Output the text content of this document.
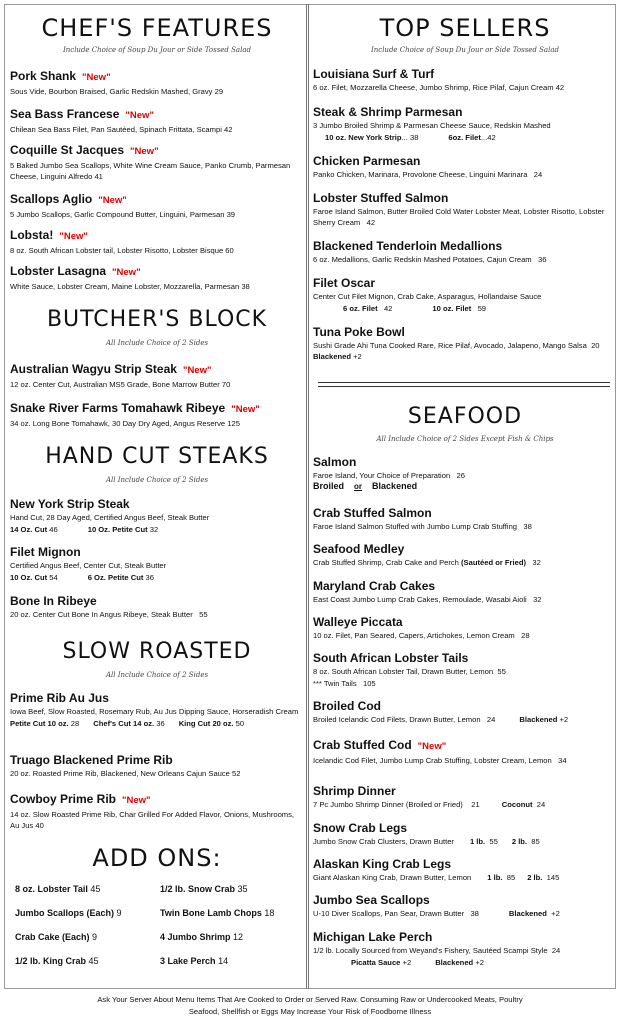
CHEF'S FEATURES
Include Choice of Soup Du Jour or Side Tossed Salad
Pork Shank "New"
Sous Vide, Bourbon Braised, Garlic Redskin Mashed, Gravy 29
Sea Bass Francese "New"
Chilean Sea Bass Filet, Pan Sautéed, Spinach Frittata, Scampi 42
Coquille St Jacques "New"
5 Baked Jumbo Sea Scallops, White Wine Cream Sauce, Panko Crumb, Parmesan Cheese, Linguini Alfredo 41
Scallops Aglio "New"
5 Jumbo Scallops, Garlic Compound Butter, Linguini, Parmesan 39
Lobsta! "New"
8 oz. South African Lobster tail, Lobster Risotto, Lobster Bisque 60
Lobster Lasagna "New"
White Sauce, Lobster Cream, Maine Lobster, Mozzarella, Parmesan 38
BUTCHER'S BLOCK
All Include Choice of 2 Sides
Australian Wagyu Strip Steak "New"
12 oz. Center Cut, Australian MS5 Grade, Bone Marrow Butter 70
Snake River Farms Tomahawk Ribeye "New"
34 oz. Long Bone Tomahawk, 30 Day Dry Aged, Angus Reserve 125
HAND CUT STEAKS
All Include Choice of 2 Sides
New York Strip Steak
Hand Cut, 28 Day Aged, Certified Angus Beef, Steak Butter
14 Oz. Cut 46	10 Oz. Petite Cut 32
Filet Mignon
Certified Angus Beef, Center Cut, Steak Butter
10 Oz. Cut 54	6 Oz. Petite Cut 36
Bone In Ribeye
20 oz. Center Cut Bone In Angus Ribeye, Steak Butter 55
SLOW ROASTED
All Include Choice of 2 Sides
Prime Rib Au Jus
Iowa Beef, Slow Roasted, Rosemary Rub, Au Jus Dipping Sauce, Horseradish Cream
Petite Cut 10 oz. 28 Chef's Cut 14 oz. 36 King Cut 20 oz. 50
Truago Blackened Prime Rib
20 oz. Roasted Prime Rib, Blackened, New Orleans Cajun Sauce 52
Cowboy Prime Rib "New"
14 oz. Slow Roasted Prime Rib, Char Grilled For Added Flavor, Onions, Mushrooms, Au Jus 40
ADD ONS:
8 oz. Lobster Tail 45	1/2 lb. Snow Crab 35
Jumbo Scallops (Each) 9	Twin Bone Lamb Chops 18
Crab Cake (Each) 9	4 Jumbo Shrimp 12
1/2 lb. King Crab 45	3 Lake Perch 14
TOP SELLERS
Include Choice of Soup Du Jour or Side Tossed Salad
Louisiana Surf & Turf
6 oz. Filet, Mozzarella Cheese, Jumbo Shrimp, Rice Pilaf, Cajun Cream 42
Steak & Shrimp Parmesan
3 Jumbo Broiled Shrimp & Parmesan Cheese Sauce, Redskin Mashed
10 oz. New York Strip... 38	6oz. Filet...42
Chicken Parmesan
Panko Chicken, Marinara, Provolone Cheese, Linguini Marinara 24
Lobster Stuffed Salmon
Faroe Island Salmon, Butter Broiled Cold Water Lobster Meat, Lobster Risotto, Lobster Sherry Cream 42
Blackened Tenderloin Medallions
6 oz. Medallions, Garlic Redskin Mashed Potatoes, Cajun Cream 36
Filet Oscar
Center Cut Filet Mignon, Crab Cake, Asparagus, Hollandaise Sauce
6 oz. Filet 42	10 oz. Filet 59
Tuna Poke Bowl
Sushi Grade Ahi Tuna Cooked Rare, Rice Pilaf, Avocado, Jalapeno, Mango Salsa 20Blackened +2
SEAFOOD
All Include Choice of 2 Sides Except Fish & Chips
Salmon
Faroe Island, Your Choice of Preparation 26
Broiled or Blackened
Crab Stuffed Salmon
Faroe Island Salmon Stuffed with Jumbo Lump Crab Stuffing 38
Seafood Medley
Crab Stuffed Shrimp, Crab Cake and Perch (Sautéed or Fried) 32
Maryland Crab Cakes
East Coast Jumbo Lump Crab Cakes, Remoulade, Wasabi Aioli 32
Walleye Piccata
10 oz. Filet, Pan Seared, Capers, Artichokes, Lemon Cream 28
South African Lobster Tails
8 oz. South African Lobster Tail, Drawn Butter, Lemon 55
*** Twin Tails 105
Broiled Cod
Broiled Icelandic Cod Filets, Drawn Butter, Lemon 24	Blackened +2
Crab Stuffed Cod "New"
Icelandic Cod Filet, Jumbo Lump Crab Stuffing, Lobster Cream, Lemon 34
Shrimp Dinner
7 Pc Jumbo Shrimp Dinner (Broiled or Fried) 21	Coconut 24
Snow Crab Legs
Jumbo Snow Crab Clusters, Drawn Butter 1 lb. 55 2 lb. 85
Alaskan King Crab Legs
Giant Alaskan King Crab, Drawn Butter, Lemon 1 lb. 85 2 lb. 145
Jumbo Sea Scallops
U-10 Diver Scallops, Pan Sear, Drawn Butter 38	Blackened +2
Michigan Lake Perch
1/2 lb. Locally Sourced from Weyand's Fishery, Sautéed Scampi Style 24
Picatta Sauce +2	Blackened +2
Ask Your Server About Menu Items That Are Cooked to Order or Served Raw. Consuming Raw or Undercooked Meats, Poultry
Seafood, Shellfish or Eggs May Increase Your Risk of Foodborne Illness
